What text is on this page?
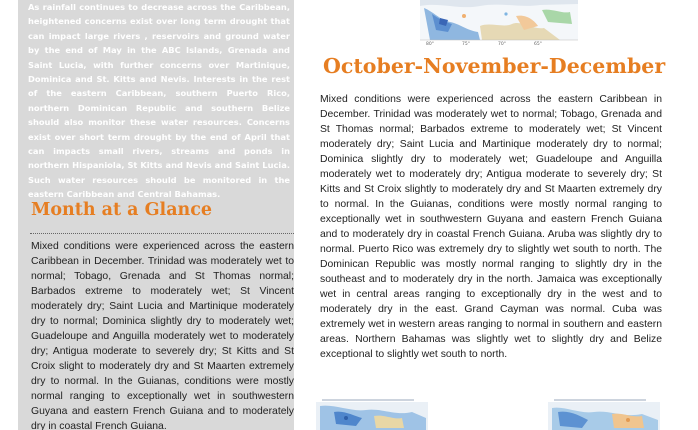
As rainfall continues to decrease across the Caribbean, heightened concerns exist over long term drought that can impact large rivers , reservoirs and ground water by the end of May in the ABC Islands, Grenada and Saint Lucia, with further concerns over Martinique, Dominica and St. Kitts and Nevis. Interests in the rest of the eastern Caribbean, southern Puerto Rico, northern Dominican Republic and southern Belize should also monitor these water resources. Concerns exist over short term drought by the end of April that can impacts small rivers, streams and ponds in northern Hispaniola, St Kitts and Nevis and Saint Lucia. Such water resources should be monitored in the eastern Caribbean and Central Bahamas.

Month at a Glance

Mixed conditions were experienced across the eastern Caribbean in December. Trinidad was moderately wet to normal; Tobago, Grenada and St Thomas normal; Barbados extreme to moderately wet; St Vincent moderately dry; Saint Lucia and Martinique moderately dry to normal; Dominica slightly dry to moderately wet; Guadeloupe and Anguilla moderately wet to moderately dry; Antigua moderate to severely dry; St Kitts and St Croix slight to moderately dry and St Maarten extremely dry to normal. In the Guianas, conditions were mostly normal ranging to exceptionally wet in southwestern Guyana and eastern French Guiana and to moderately dry in coastal French Guiana.

80°	75°	70°	65°
October-November-December

Mixed conditions were experienced across the eastern Caribbean in December. Trinidad was moderately wet to normal; Tobago, Grenada and St Thomas normal; Barbados extreme to moderately wet; St Vincent moderately dry; Saint Lucia and Martinique moderately dry to normal; Dominica slightly dry to moderately wet; Guadeloupe and Anguilla moderately wet to moderately dry; Antigua moderate to severely dry; St Kitts and St Croix slightly to moderately dry and St Maarten extremely dry to normal. In the Guianas, conditions were mostly normal ranging to exceptionally wet in southwestern Guyana and eastern French Guiana and to moderately dry in coastal French Guiana. Aruba was slightly dry to normal. Puerto Rico was extremely dry to slightly wet south to north. The Dominican Republic was mostly normal ranging to slightly dry in the southeast and to moderately dry in the north. Jamaica was exceptionally wet in central areas ranging to exceptionally dry in the west and to moderately dry in the east. Grand Cayman was normal. Cuba was extremely wet in western areas ranging to normal in southern and eastern areas. Northern Bahamas was slightly wet to slightly dry and Belize exceptional to slightly wet south to north.
